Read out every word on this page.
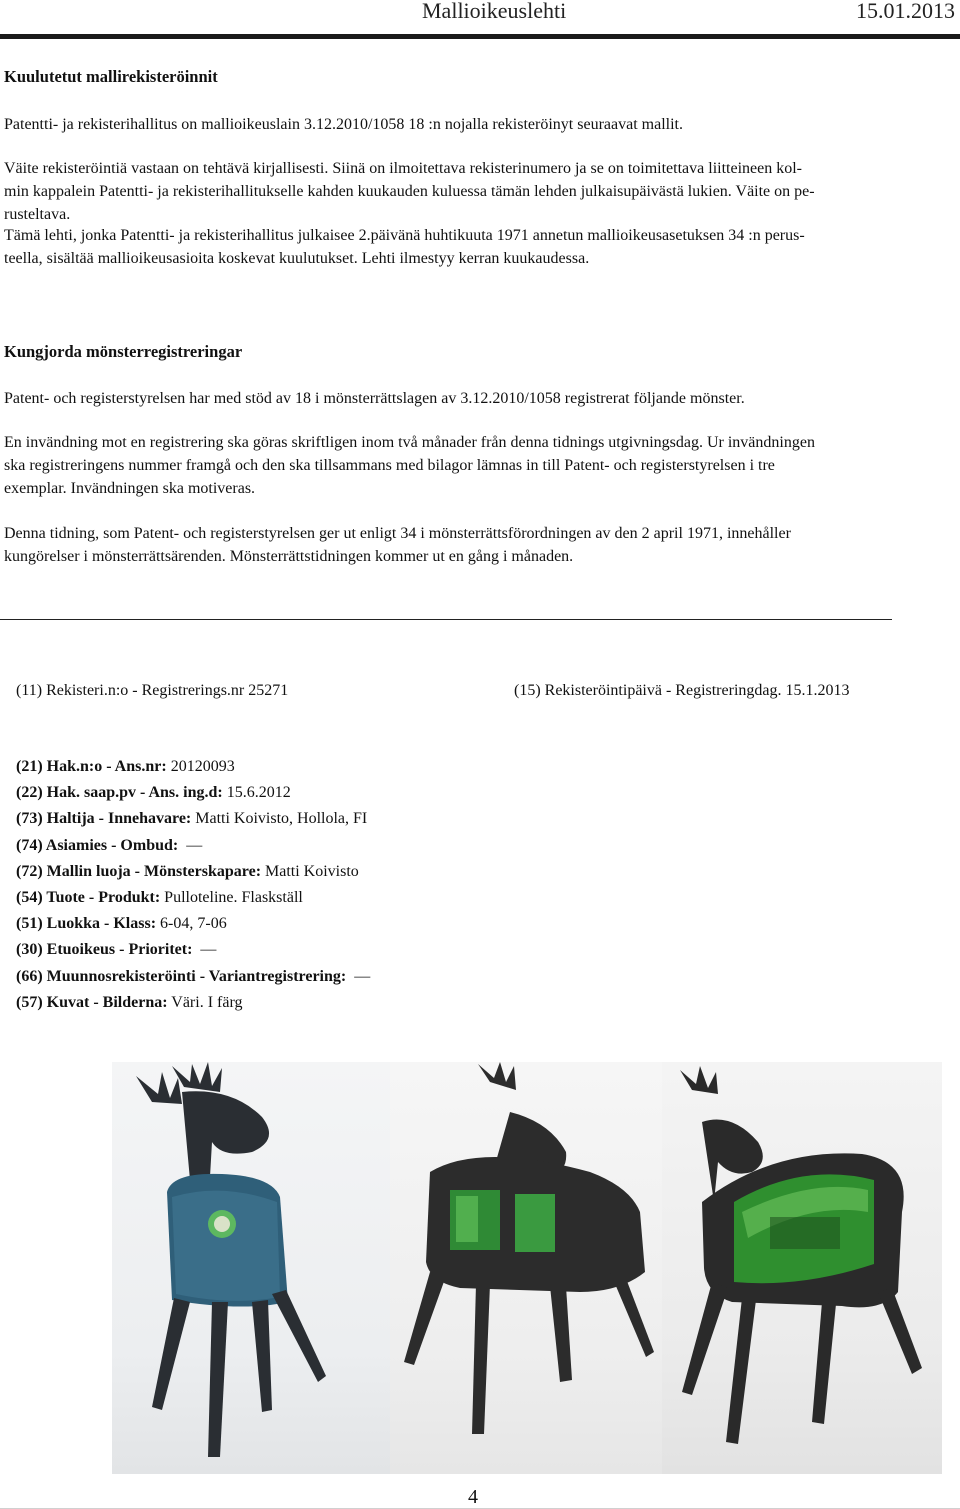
Mallioikeuslehti	15.01.2013
Kuulutetut mallirekisteröinnit
Patentti- ja rekisterihallitus on mallioikeuslain 3.12.2010/1058 18 :n nojalla rekisteröinyt seuraavat mallit.
Väite rekisteröintiä vastaan on tehtävä kirjallisesti. Siinä on ilmoitettava rekisterinumero ja se on toimitettava liitteineen kol-
min kappalein Patentti- ja rekisterihallitukselle kahden kuukauden kuluessa tämän lehden julkaisupäivästä lukien. Väite on pe-
rusteltava.
Tämä lehti, jonka Patentti- ja rekisterihallitus julkaisee 2.päivänä huhtikuuta 1971 annetun mallioikeusasetuksen 34 :n perus-
teella, sisältää mallioikeusasioita koskevat kuulutukset. Lehti ilmestyy kerran kuukaudessa.
Kungjorda mönsterregistreringar
Patent- och registerstyrelsen har med stöd av 18 i mönsterrättslagen av 3.12.2010/1058 registrerat följande mönster.
En invändning mot en registrering ska göras skriftligen inom två månader från denna tidnings utgivningsdag. Ur invändningen
ska registreringens nummer framgå och den ska tillsammans med bilagor lämnas in till Patent- och registerstyrelsen i tre
exemplar. Invändningen ska motiveras.
Denna tidning, som Patent- och registerstyrelsen ger ut enligt 34 i mönsterrättsförordningen av den 2 april 1971, innehåller
kungörelser i mönsterrättsärenden. Mönsterrättstidningen kommer ut en gång i månaden.
(11) Rekisteri.n:o - Registrerings.nr 25271	(15) Rekisteröintipäivä - Registreringdag. 15.1.2013
(21) Hak.n:o - Ans.nr: 20120093
(22) Hak. saap.pv - Ans. ing.d: 15.6.2012
(73) Haltija - Innehavare: Matti Koivisto, Hollola, FI
(74) Asiamies - Ombud: —
(72) Mallin luoja - Mönsterskapare: Matti Koivisto
(54) Tuote - Produkt: Pulloteline. Flaskställ
(51) Luokka - Klass: 6-04, 7-06
(30) Etuoikeus - Prioritet: —
(66) Muunnosrekisteröinti - Variantregistrering: —
(57) Kuvat - Bilderna: Väri. I färg
4
